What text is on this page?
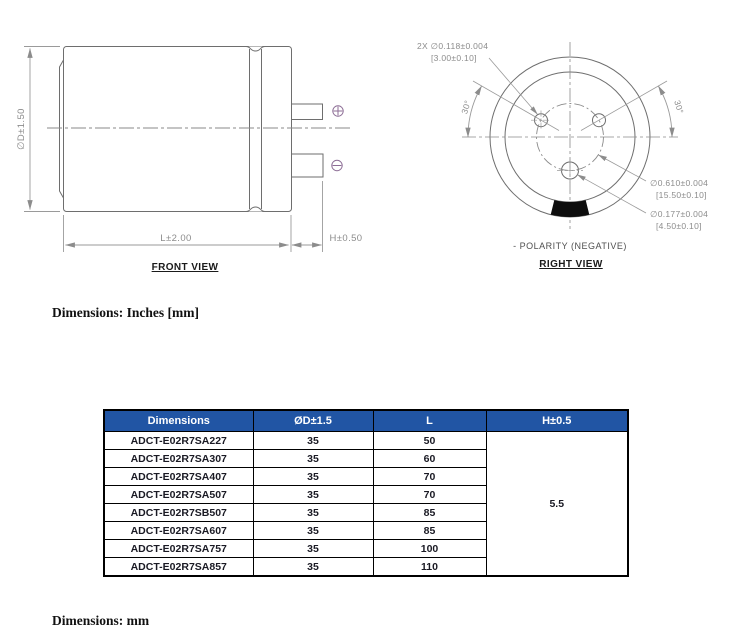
∅D±1.50
L±2.00	H±0.50
2X ∅0.118±0.004
[3.00±0.10]
30°	30°
∅0.610±0.004
[15.50±0.10]
∅0.177±0.004
[4.50±0.10]
- POLARITY (NEGATIVE)
FRONT VIEW	RIGHT VIEW
Dimensions: Inches [mm]
Dimensions	ØD±1.5	L	H±0.5
ADCT-E02R7SA227	35	50	5.5
ADCT-E02R7SA307	35	60	
ADCT-E02R7SA407	35	70	
ADCT-E02R7SA507	35	70	
ADCT-E02R7SB507	35	85	
ADCT-E02R7SA607	35	85	
ADCT-E02R7SA757	35	100	
ADCT-E02R7SA857	35	110	
Dimensions: mm
